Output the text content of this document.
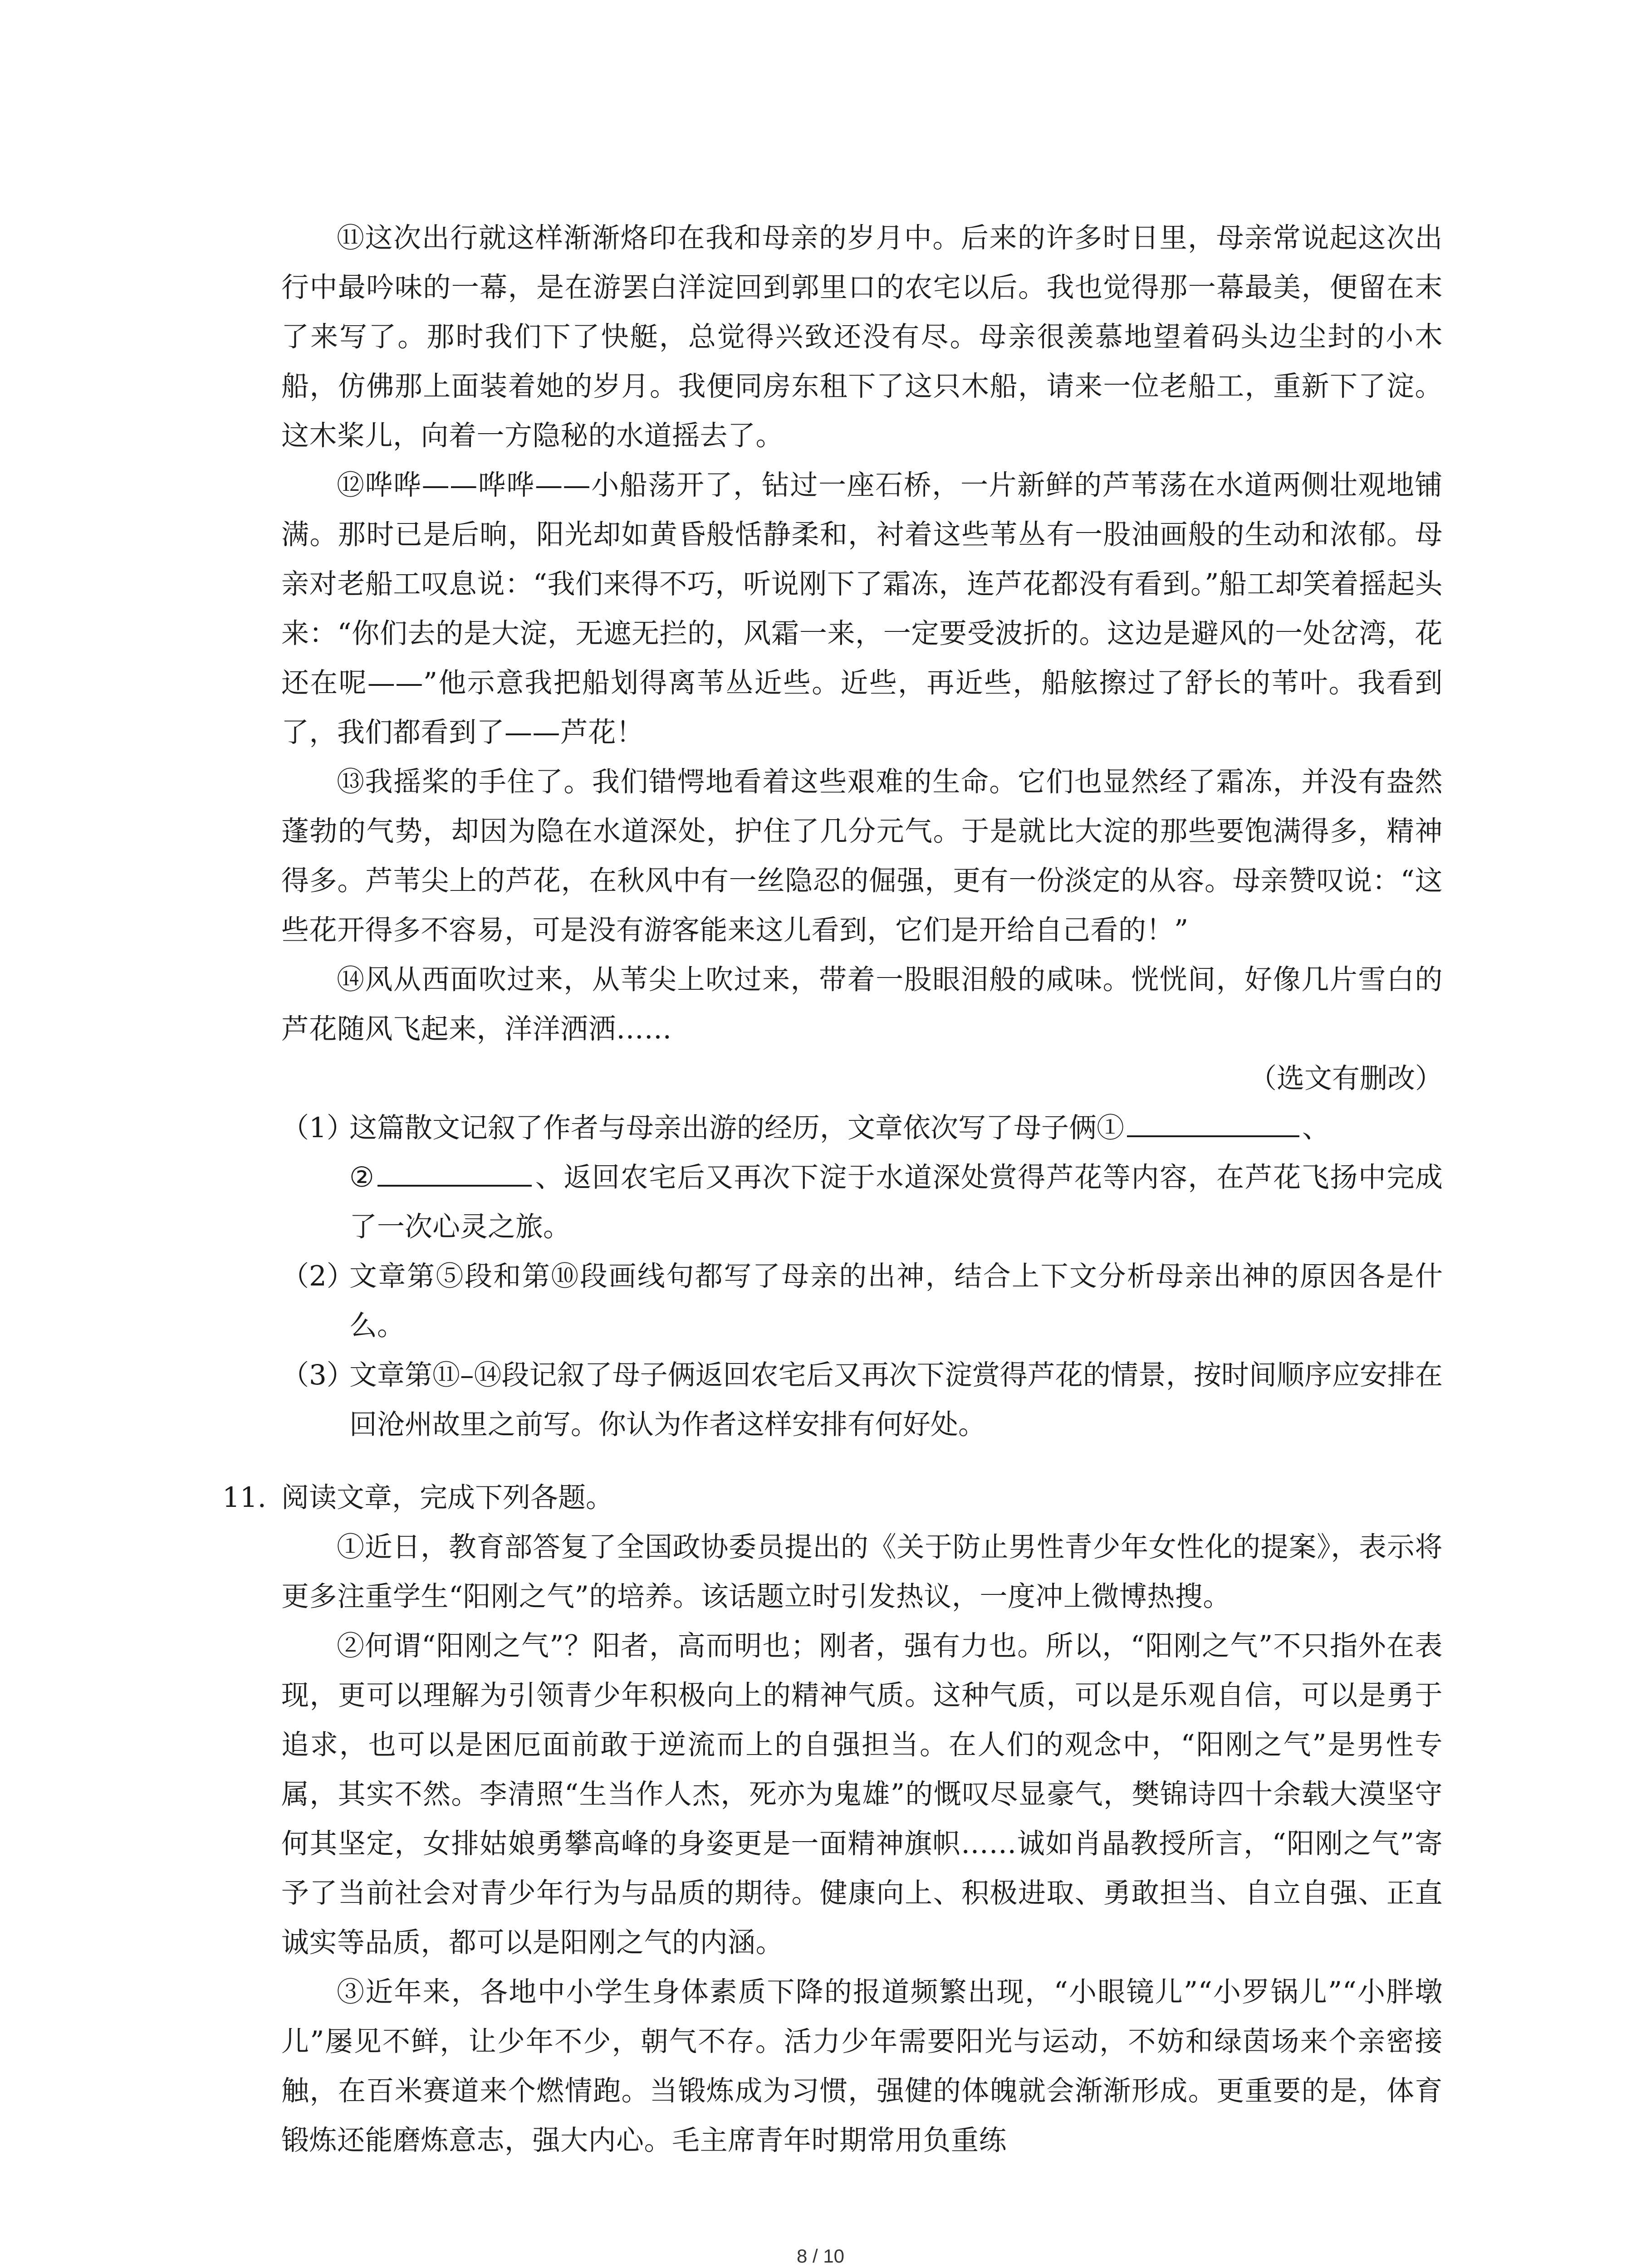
⑪这次出行就这样渐渐烙印在我和母亲的岁月中。后来的许多时日里，母亲常说起这次出行中最吟味的一幕，是在游罢白洋淀回到郭里口的农宅以后。我也觉得那一幕最美，便留在末了来写了。那时我们下了快艇，总觉得兴致还没有尽。母亲很羡慕地望着码头边尘封的小木船，仿佛那上面装着她的岁月。我便同房东租下了这只木船，请来一位老船工，重新下了淀。这木桨儿，向着一方隐秘的水道摇去了。

⑫哗哗——哗哗——小船荡开了，钻过一座石桥，一片新鲜的芦苇荡在水道两侧壮观地铺满。那时已是后晌，阳光却如黄昏般恬静柔和，衬着这些苇丛有一股油画般的生动和浓郁。母亲对老船工叹息说：“我们来得不巧，听说刚下了霜冻，连芦花都没有看到。”船工却笑着摇起头来：“你们去的是大淀，无遮无拦的，风霜一来，一定要受波折的。这边是避风的一处岔湾，花还在呢——”他示意我把船划得离苇丛近些。近些，再近些，船舷擦过了舒长的苇叶。我看到了，我们都看到了——芦花！

⑬我摇桨的手住了。我们错愕地看着这些艰难的生命。它们也显然经了霜冻，并没有盎然蓬勃的气势，却因为隐在水道深处，护住了几分元气。于是就比大淀的那些要饱满得多，精神得多。芦苇尖上的芦花，在秋风中有一丝隐忍的倔强，更有一份淡定的从容。母亲赞叹说：“这些花开得多不容易，可是没有游客能来这儿看到，它们是开给自己看的！”

⑭风从西面吹过来，从苇尖上吹过来，带着一股眼泪般的咸味。恍恍间，好像几片雪白的芦花随风飞起来，洋洋洒洒……

（选文有删改）

（1）
这篇散文记叙了作者与母亲出游的经历，文章依次写了母子俩①	、
②	、返回农宅后又再次下淀于水道深处赏得芦花等内容，在芦花飞扬中完成了一次心灵之旅。
（2）
文章第⑤段和第⑩段画线句都写了母亲的出神，结合上下文分析母亲出神的原因各是什么。
（3）
文章第⑪–⑭段记叙了母子俩返回农宅后又再次下淀赏得芦花的情景，按时间顺序应安排在回沧州故里之前写。你认为作者这样安排有何好处。
11. 阅读文章，完成下列各题。

①近日，教育部答复了全国政协委员提出的《关于防止男性青少年女性化的提案》，表示将更多注重学生“阳刚之气”的培养。该话题立时引发热议，一度冲上微博热搜。

②何谓“阳刚之气”？阳者，高而明也；刚者，强有力也。所以，“阳刚之气”不只指外在表现，更可以理解为引领青少年积极向上的精神气质。这种气质，可以是乐观自信，可以是勇于追求，也可以是困厄面前敢于逆流而上的自强担当。在人们的观念中，“阳刚之气”是男性专属，其实不然。李清照“生当作人杰，死亦为鬼雄”的慨叹尽显豪气，樊锦诗四十余载大漠坚守何其坚定，女排姑娘勇攀高峰的身姿更是一面精神旗帜……诚如肖晶教授所言，“阳刚之气”寄予了当前社会对青少年行为与品质的期待。健康向上、积极进取、勇敢担当、自立自强、正直诚实等品质，都可以是阳刚之气的内涵。

③近年来，各地中小学生身体素质下降的报道频繁出现，“小眼镜儿”“小罗锅儿”“小胖墩儿”屡见不鲜，让少年不少，朝气不存。活力少年需要阳光与运动，不妨和绿茵场来个亲密接触，在百米赛道来个燃情跑。当锻炼成为习惯，强健的体魄就会渐渐形成。更重要的是，体育锻炼还能磨炼意志，强大内心。毛主席青年时期常用负重练

8 / 10
